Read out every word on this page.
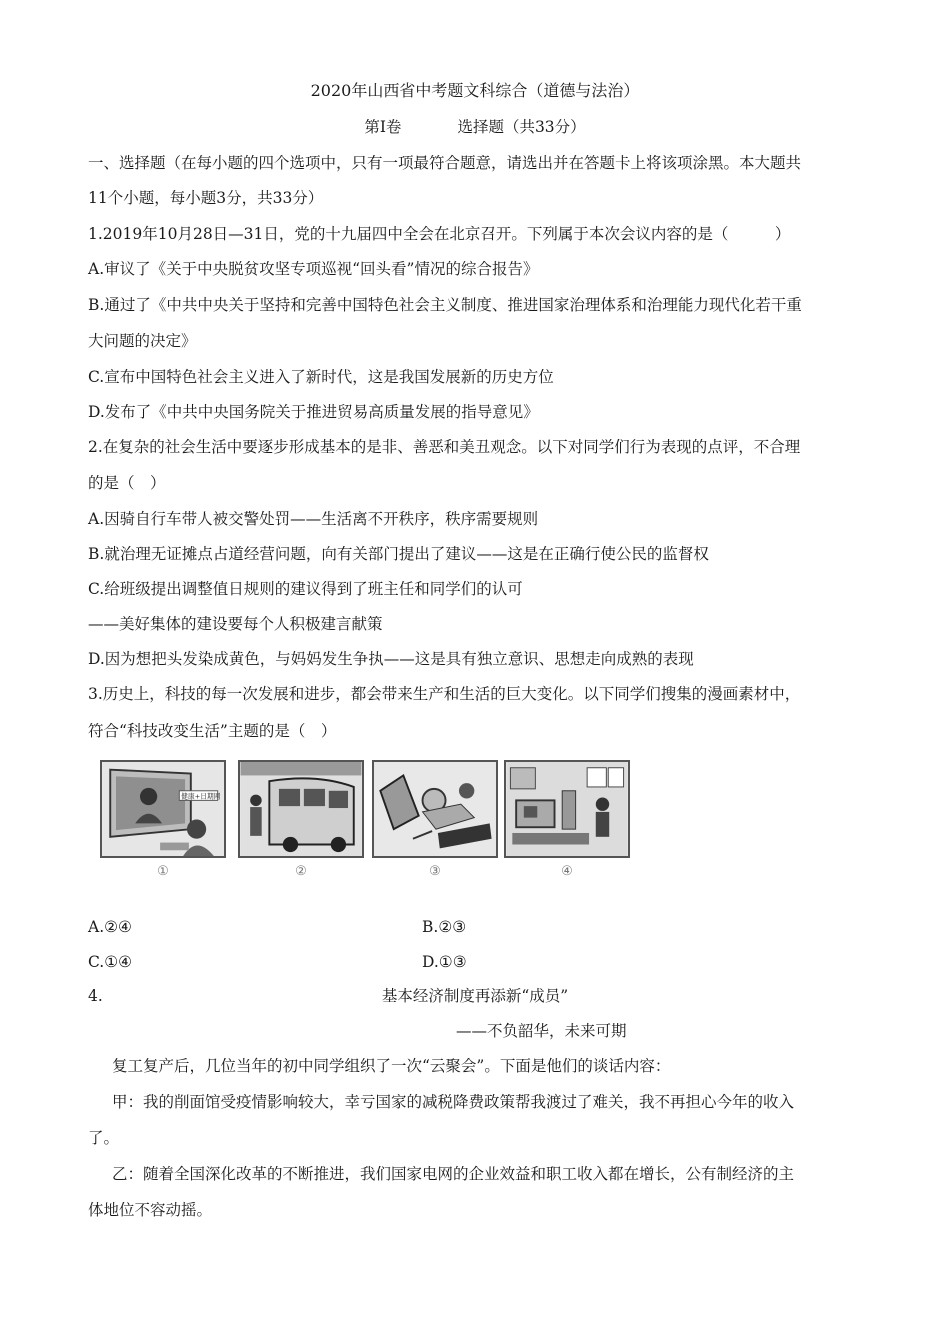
2020年山西省中考题文科综合（道德与法治）
第Ⅰ卷	选择题（共33分）
一、选择题（在每小题的四个选项中，只有一项最符合题意，请选出并在答题卡上将该项涂黑。本大题共
11个小题，每小题3分，共33分）
1.2019年10月28日—31日，党的十九届四中全会在北京召开。下列属于本次会议内容的是（　　　）
A.审议了《关于中央脱贫攻坚专项巡视“回头看”情况的综合报告》
B.通过了《中共中央关于坚持和完善中国特色社会主义制度、推进国家治理体系和治理能力现代化若干重
大问题的决定》
C.宣布中国特色社会主义进入了新时代，这是我国发展新的历史方位
D.发布了《中共中央国务院关于推进贸易高质量发展的指导意见》
2.在复杂的社会生活中要逐步形成基本的是非、善恶和美丑观念。以下对同学们行为表现的点评，不合理
的是（　）
A.因骑自行车带人被交警处罚——生活离不开秩序，秩序需要规则
B.就治理无证摊点占道经营问题，向有关部门提出了建议——这是在正确行使公民的监督权
C.给班级提出调整值日规则的建议得到了班主任和同学们的认可
——美好集体的建设要每个人积极建言献策
D.因为想把头发染成黄色，与妈妈发生争执——这是具有独立意识、思想走向成熟的表现
3.历史上，科技的每一次发展和进步，都会带来生产和生活的巨大变化。以下同学们搜集的漫画素材中，
符合“科技改变生活”主题的是（　）
健康+日期网
①	②	③	④
A.②④	B.②③
C.①④	D.①③
4.	基本经济制度再添新“成员”
——不负韶华，未来可期
复工复产后，几位当年的初中同学组织了一次“云聚会”。下面是他们的谈话内容：
甲：我的削面馆受疫情影响较大，幸亏国家的减税降费政策帮我渡过了难关，我不再担心今年的收入
了。
乙：随着全国深化改革的不断推进，我们国家电网的企业效益和职工收入都在增长，公有制经济的主
体地位不容动摇。
